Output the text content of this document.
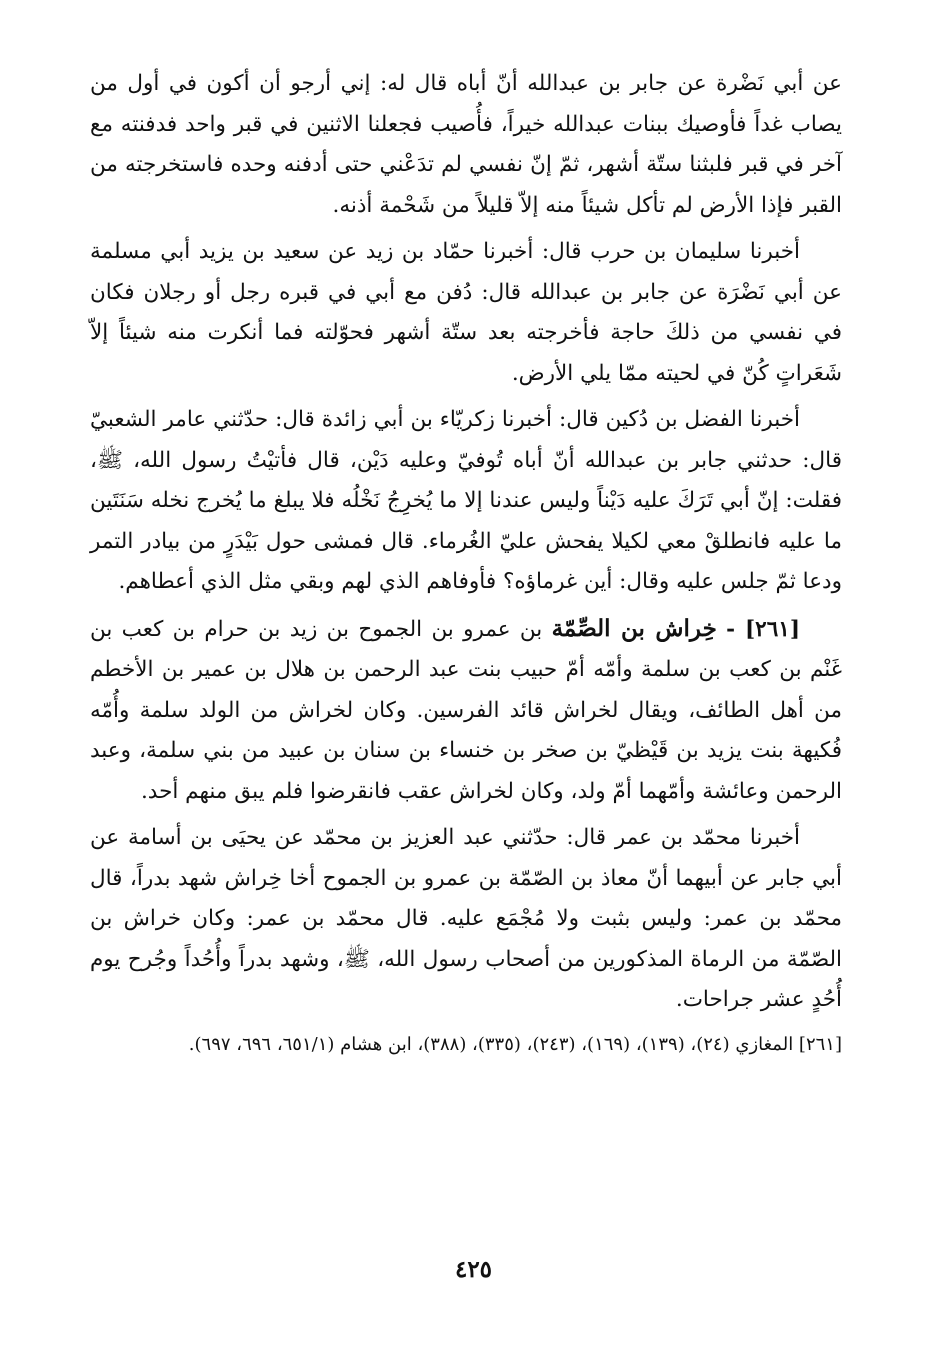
عن أبي نَضْرة عن جابر بن عبدالله أنّ أباه قال له: إني أرجو أن أكون في أول من يصاب غداً فأوصيك ببنات عبدالله خيراً، فأُصيب فجعلنا الاثنين في قبر واحد فدفنته مع آخر في قبر فلبثنا ستّة أشهر، ثمّ إنّ نفسي لم تدَعْني حتى أدفنه وحده فاستخرجته من القبر فإذا الأرض لم تأكل شيئاً منه إلاّ قليلاً من شَحْمة أذنه.

أخبرنا سليمان بن حرب قال: أخبرنا حمّاد بن زيد عن سعيد بن يزيد أبي مسلمة عن أبي نَضْرَة عن جابر بن عبدالله قال: دُفن مع أبي في قبره رجل أو رجلان فكان في نفسي من ذلكَ حاجة فأخرجته بعد ستّة أشهر فحوّلته فما أنكرت منه شيئاً إلاّ شَعَراتٍ كُنّ في لحيته ممّا يلي الأرض.

أخبرنا الفضل بن دُكين قال: أخبرنا زكريّاء بن أبي زائدة قال: حدّثني عامر الشعبيّ قال: حدثني جابر بن عبدالله أنّ أباه تُوفيّ وعليه دَيْن، قال فأتيْتُ رسول الله، ﷺ، فقلت: إنّ أبي تَرَكَ عليه دَيْناً وليس عندنا إلا ما يُخرِجُ نَخْلُه فلا يبلغ ما يُخرج نخله سَنَتَين ما عليه فانطلقْ معي لكيلا يفحش عليّ الغُرماء. قال فمشى حول بَيْدَرٍ من بيادر التمر ودعا ثمّ جلس عليه وقال: أين غرماؤه؟ فأوفاهم الذي لهم وبقي مثل الذي أعطاهم.

[٢٦١] - خِراش بن الصِّمّة بن عمرو بن الجموح بن زيد بن حرام بن كعب بن غَنْم بن كعب بن سلمة وأمّه أمّ حبيب بنت عبد الرحمن بن هلال بن عمير بن الأخطم من أهل الطائف، ويقال لخراش قائد الفرسين. وكان لخراش من الولد سلمة وأُمّه فُكيهة بنت يزيد بن قَيْظيّ بن صخر بن خنساء بن سنان بن عبيد من بني سلمة، وعبد الرحمن وعائشة وأمّهما أمّ ولد، وكان لخراش عقب فانقرضوا فلم يبق منهم أحد.

أخبرنا محمّد بن عمر قال: حدّثني عبد العزيز بن محمّد عن يحيَى بن أسامة عن أبي جابر عن أبيهما أنّ معاذ بن الصّمّة بن عمرو بن الجموح أخا خِراش شهد بدراً، قال محمّد بن عمر: وليس بثبت ولا مُجْمَع عليه. قال محمّد بن عمر: وكان خراش بن الصّمّة من الرماة المذكورين من أصحاب رسول الله، ﷺ، وشهد بدراً وأُحُداً وجُرح يوم أُحُدٍ عشر جراحات.

[٢٦١] المغازي (٢٤)، (١٣٩)، (١٦٩)، (٢٤٣)، (٣٣٥)، (٣٨٨)، ابن هشام (٦٥١/١، ٦٩٦، ٦٩٧).

٤٢٥
